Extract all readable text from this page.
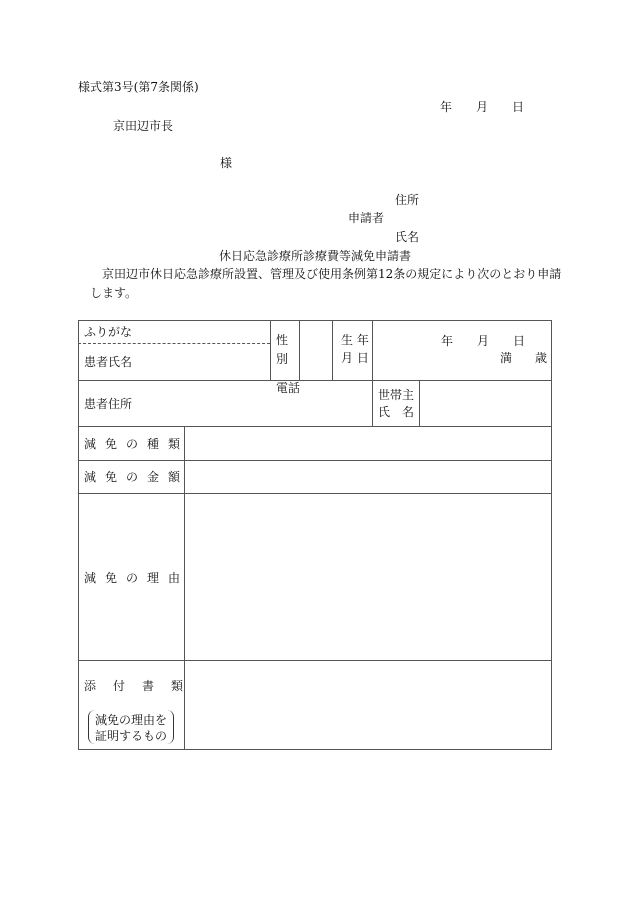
様式第3号(第7条関係)
年 月 日
京田辺市長
様
住所
申請者
氏名
休日応急診療所診療費等減免申請書
京田辺市休日応急診療所設置、管理及び使用条例第12条の規定により次のとおり申請
します。
ふりがな
患者氏名
性
別
生 年
月 日
年 月 日
満 歳
患者住所
電話	世帯主
氏　名
減免の種類
減免の金額
減免の理由
添付書類
減免の理由を
証明するもの
